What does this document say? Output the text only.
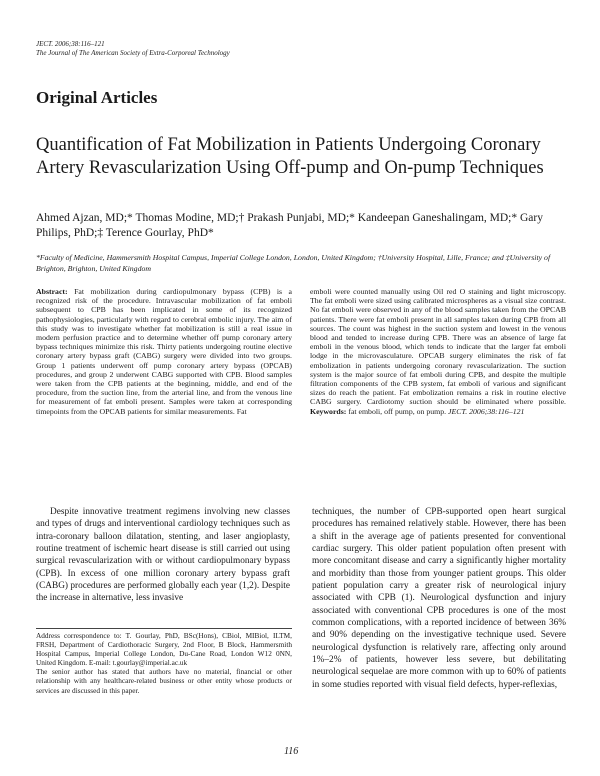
JECT. 2006;38:116–121
The Journal of The American Society of Extra-Corporeal Technology
Original Articles
Quantification of Fat Mobilization in Patients Undergoing Coronary Artery Revascularization Using Off-pump and On-pump Techniques
Ahmed Ajzan, MD;* Thomas Modine, MD;† Prakash Punjabi, MD;* Kandeepan Ganeshalingam, MD;* Gary Philips, PhD;‡ Terence Gourlay, PhD*
*Faculty of Medicine, Hammersmith Hospital Campus, Imperial College London, London, United Kingdom; †University Hospital, Lille, France; and ‡University of Brighton, Brighton, United Kingdom
Abstract: Fat mobilization during cardiopulmonary bypass (CPB) is a recognized risk of the procedure. Intravascular mobilization of fat emboli subsequent to CPB has been implicated in some of its recognized pathophysiologies, particularly with regard to cerebral embolic injury. The aim of this study was to investigate whether fat mobilization is still a real issue in modern perfusion practice and to determine whether off pump coronary artery bypass techniques minimize this risk. Thirty patients undergoing routine elective coronary artery bypass graft (CABG) surgery were divided into two groups. Group 1 patients underwent off pump coronary artery bypass (OPCAB) procedures, and group 2 underwent CABG supported with CPB. Blood samples were taken from the CPB patients at the beginning, middle, and end of the procedure, from the suction line, from the arterial line, and from the venous line for measurement of fat emboli present. Samples were taken at corresponding timepoints from the OPCAB patients for similar measurements. Fat
emboli were counted manually using Oil red O staining and light microscopy. The fat emboli were sized using calibrated microspheres as a visual size contrast. No fat emboli were observed in any of the blood samples taken from the OPCAB patients. There were fat emboli present in all samples taken during CPB from all sources. The count was highest in the suction system and lowest in the venous blood and tended to increase during CPB. There was an absence of large fat emboli in the venous blood, which tends to indicate that the larger fat emboli lodge in the microvasculature. OPCAB surgery eliminates the risk of fat embolization in patients undergoing coronary revascularization. The suction system is the major source of fat emboli during CPB, and despite the multiple filtration components of the CPB system, fat emboli of various and significant sizes do reach the patient. Fat embolization remains a risk in routine elective CABG surgery. Cardiotomy suction should be eliminated where possible. Keywords: fat emboli, off pump, on pump. JECT. 2006;38:116–121

Despite innovative treatment regimens involving new classes and types of drugs and interventional cardiology techniques such as intra-coronary balloon dilatation, stenting, and laser angioplasty, routine treatment of ischemic heart disease is still carried out using surgical revascularization with or without cardiopulmonary bypass (CPB). In excess of one million coronary artery bypass graft (CABG) procedures are performed globally each year (1,2). Despite the increase in alternative, less invasive

techniques, the number of CPB-supported open heart surgical procedures has remained relatively stable. However, there has been a shift in the average age of patients presented for conventional cardiac surgery. This older patient population often present with more concomitant disease and carry a significantly higher mortality and morbidity than those from younger patient groups. This older patient population carry a greater risk of neurological injury associated with CPB (1). Neurological dysfunction and injury associated with conventional CPB procedures is one of the most common complications, with a reported incidence of between 36% and 90% depending on the investigative technique used. Severe neurological dysfunction is relatively rare, affecting only around 1%–2% of patients, however less severe, but debilitating neurological sequelae are more common with up to 60% of patients in some studies reported with visual field defects, hyper-reflexias,

Address correspondence to: T. Gourlay, PhD, BSc(Hons), CBiol, MIBiol, ILTM, FRSH, Department of Cardiothoracic Surgery, 2nd Floor, B Block, Hammersmith Hospital Campus, Imperial College London, Du-Cane Road, London W12 0NN, United Kingdom. E-mail: t.gourlay@imperial.ac.uk

The senior author has stated that authors have no material, financial or other relationship with any healthcare-related business or other entity whose products or services are discussed in this paper.

116
